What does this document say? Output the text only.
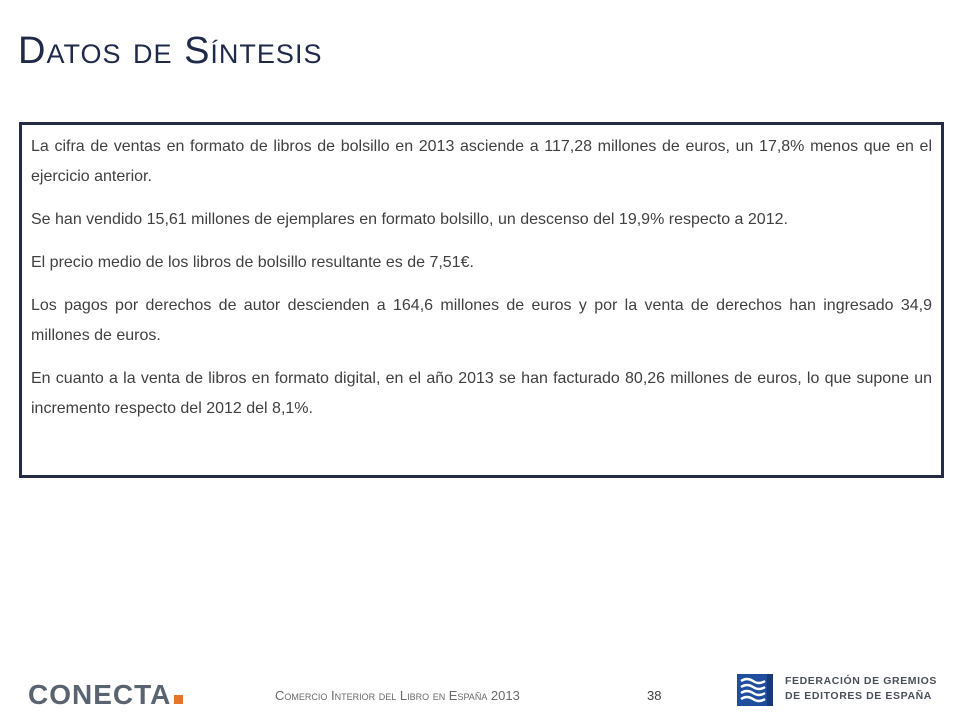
Datos de Síntesis

La cifra de ventas en formato de libros de bolsillo en 2013 asciende a 117,28 millones de euros, un 17,8% menos que en el ejercicio anterior.

Se han vendido 15,61 millones de ejemplares en formato bolsillo, un descenso del 19,9% respecto a 2012.

El precio medio de los libros de bolsillo resultante es de 7,51€.

Los pagos por derechos de autor descienden a 164,6 millones de euros y por la venta de derechos han ingresado 34,9 millones de euros.

En cuanto a la venta de libros en formato digital, en el año 2013 se han facturado 80,26 millones de euros, lo que supone un incremento respecto del 2012 del 8,1%.

CONECTA	Comercio Interior del Libro en España 2013	38
FEDERACIÓN DE GREMIOS
DE EDITORES DE ESPAÑA
